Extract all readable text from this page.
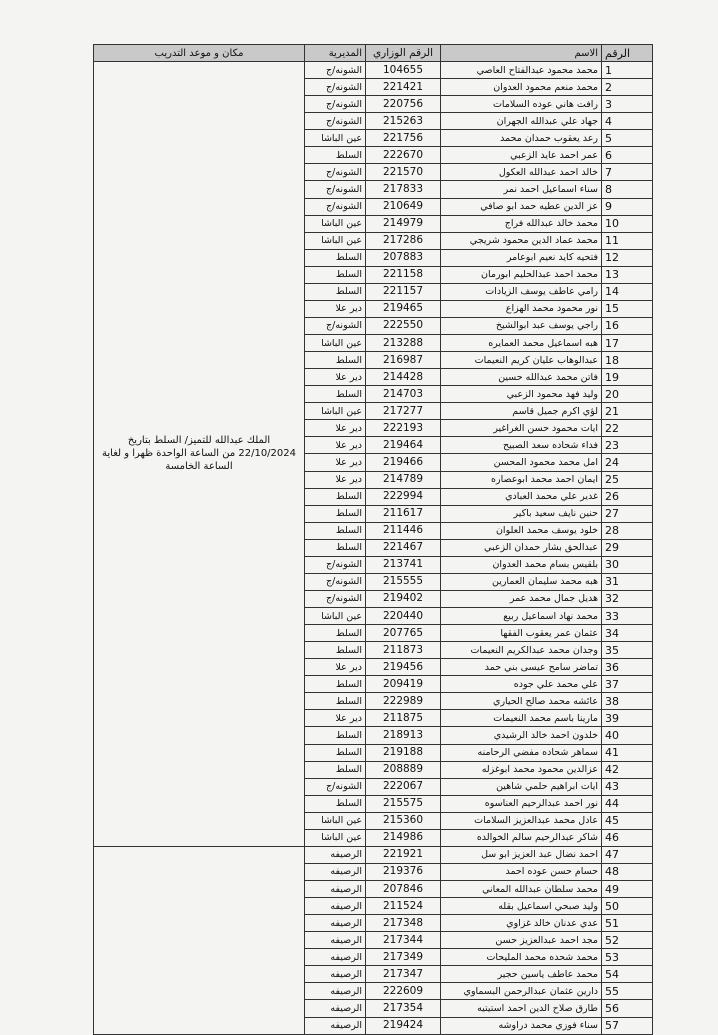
الرقم	الاسم	الرقم الوزاري	المديرية	مكان و موعد التدريب
1	محمد محمود عبدالفتاح العاصي	104655	الشونه/ج	الملك عبدالله للتميز/ السلط بتاريخ 22/10/2024 من الساعة الواحدة ظهرا و لغاية الساعة الخامسة
2	محمد منعم محمود العدوان	221421	الشونه/ج	
3	رافت هاني عوده السلامات	220756	الشونه/ج	
4	جهاد علي عبدالله الجهران	215263	الشونه/ج	
5	رعد يعقوب حمدان محمد	221756	عين الباشا	
6	عمر احمد عايد الزعبي	222670	السلط	
7	خالد احمد عبدالله العكول	221570	الشونه/ج	
8	سناء اسماعيل احمد نمر	217833	الشونه/ج	
9	عز الدين عطيه حمد ابو صافي	210649	الشونه/ج	
10	محمد خالد عبدالله فراج	214979	عين الباشا	
11	محمد عماد الدين محمود شريجي	217286	عين الباشا	
12	فتحيه كايد نعيم ابوعامر	207883	السلط	
13	محمد احمد عبدالحليم ابورمان	221158	السلط	
14	رامي عاطف يوسف الزيادات	221157	السلط	
15	نور محمود محمد الهزاع	219465	دير علا	
16	راجي يوسف عبد ابوالشيخ	222550	الشونه/ج	
17	هبه اسماعيل محمد العمايره	213288	عين الباشا	
18	عبدالوهاب عليان كريم النعيمات	216987	السلط	
19	فاتن محمد عبدالله حسين	214428	دير علا	
20	وليد فهد محمود الزعبي	214703	السلط	
21	لؤي اكرم جميل قاسم	217277	عين الباشا	
22	ايات محمود حسن الغراغير	222193	دير علا	
23	فداء شحاده سعد الصبيح	219464	دير علا	
24	امل محمد محمود المحسن	219466	دير علا	
25	ايمان احمد محمد ابوعصاره	214789	دير علا	
26	غدير علي محمد العبادي	222994	السلط	
27	حنين نايف سعيد باكير	211617	السلط	
28	خلود يوسف محمد العلوان	211446	السلط	
29	عبدالحق بشار حمدان الزعبي	221467	السلط	
30	بلقيس بسام محمد العدوان	213741	الشونه/ج	
31	هبه محمد سليمان العمارين	215555	الشونه/ج	
32	هديل جمال محمد عمر	219402	الشونه/ج	
33	محمد نهاد اسماعيل ربيع	220440	عين الباشا	
34	عثمان عمر يعقوب الفقها	207765	السلط	
35	وجدان محمد عبدالكريم النعيمات	211873	السلط	
36	تماضر سامح عيسى بني حمد	219456	دير علا	
37	علي محمد علي جوده	209419	السلط	
38	عائشه محمد صالح الحياري	222989	السلط	
39	مارينا باسم محمد النعيمات	211875	دير علا	
40	خلدون احمد خالد الرشيدي	218913	السلط	
41	سماهر شحاده مفضي الرحامنه	219188	السلط	
42	عزالدين محمود محمد ابوغزله	208889	السلط	
43	ايات ابراهيم حلمي شاهين	222067	الشونه/ج	
44	نور احمد عبدالرحيم العناسوه	215575	السلط	
45	عادل محمد عبدالعزيز السلامات	215360	عين الباشا	
46	شاكر عبدالرحيم سالم الخوالده	214986	عين الباشا	
47	احمد نضال عبد العزيز ابو سل	221921	الرصيفه	
48	حسام حسن عوده احمد	219376	الرصيفه	
49	محمد سلطان عبدالله المعاني	207846	الرصيفه	
50	وليد صبحي اسماعيل بقله	211524	الرصيفه	
51	عدي عدنان خالد غزاوي	217348	الرصيفه	
52	مجد احمد عبدالعزيز حسن	217344	الرصيفه	
53	محمد شحده محمد المليحات	217349	الرصيفه	
54	محمد عاطف ياسين حجير	217347	الرصيفه	
55	دارين عثمان عبدالرحمن البسماوي	222609	الرصيفه	
56	طارق صلاح الدين احمد استيتيه	217354	الرصيفه	
57	سناء فوزي محمد دراوشه	219424	الرصيفه	
